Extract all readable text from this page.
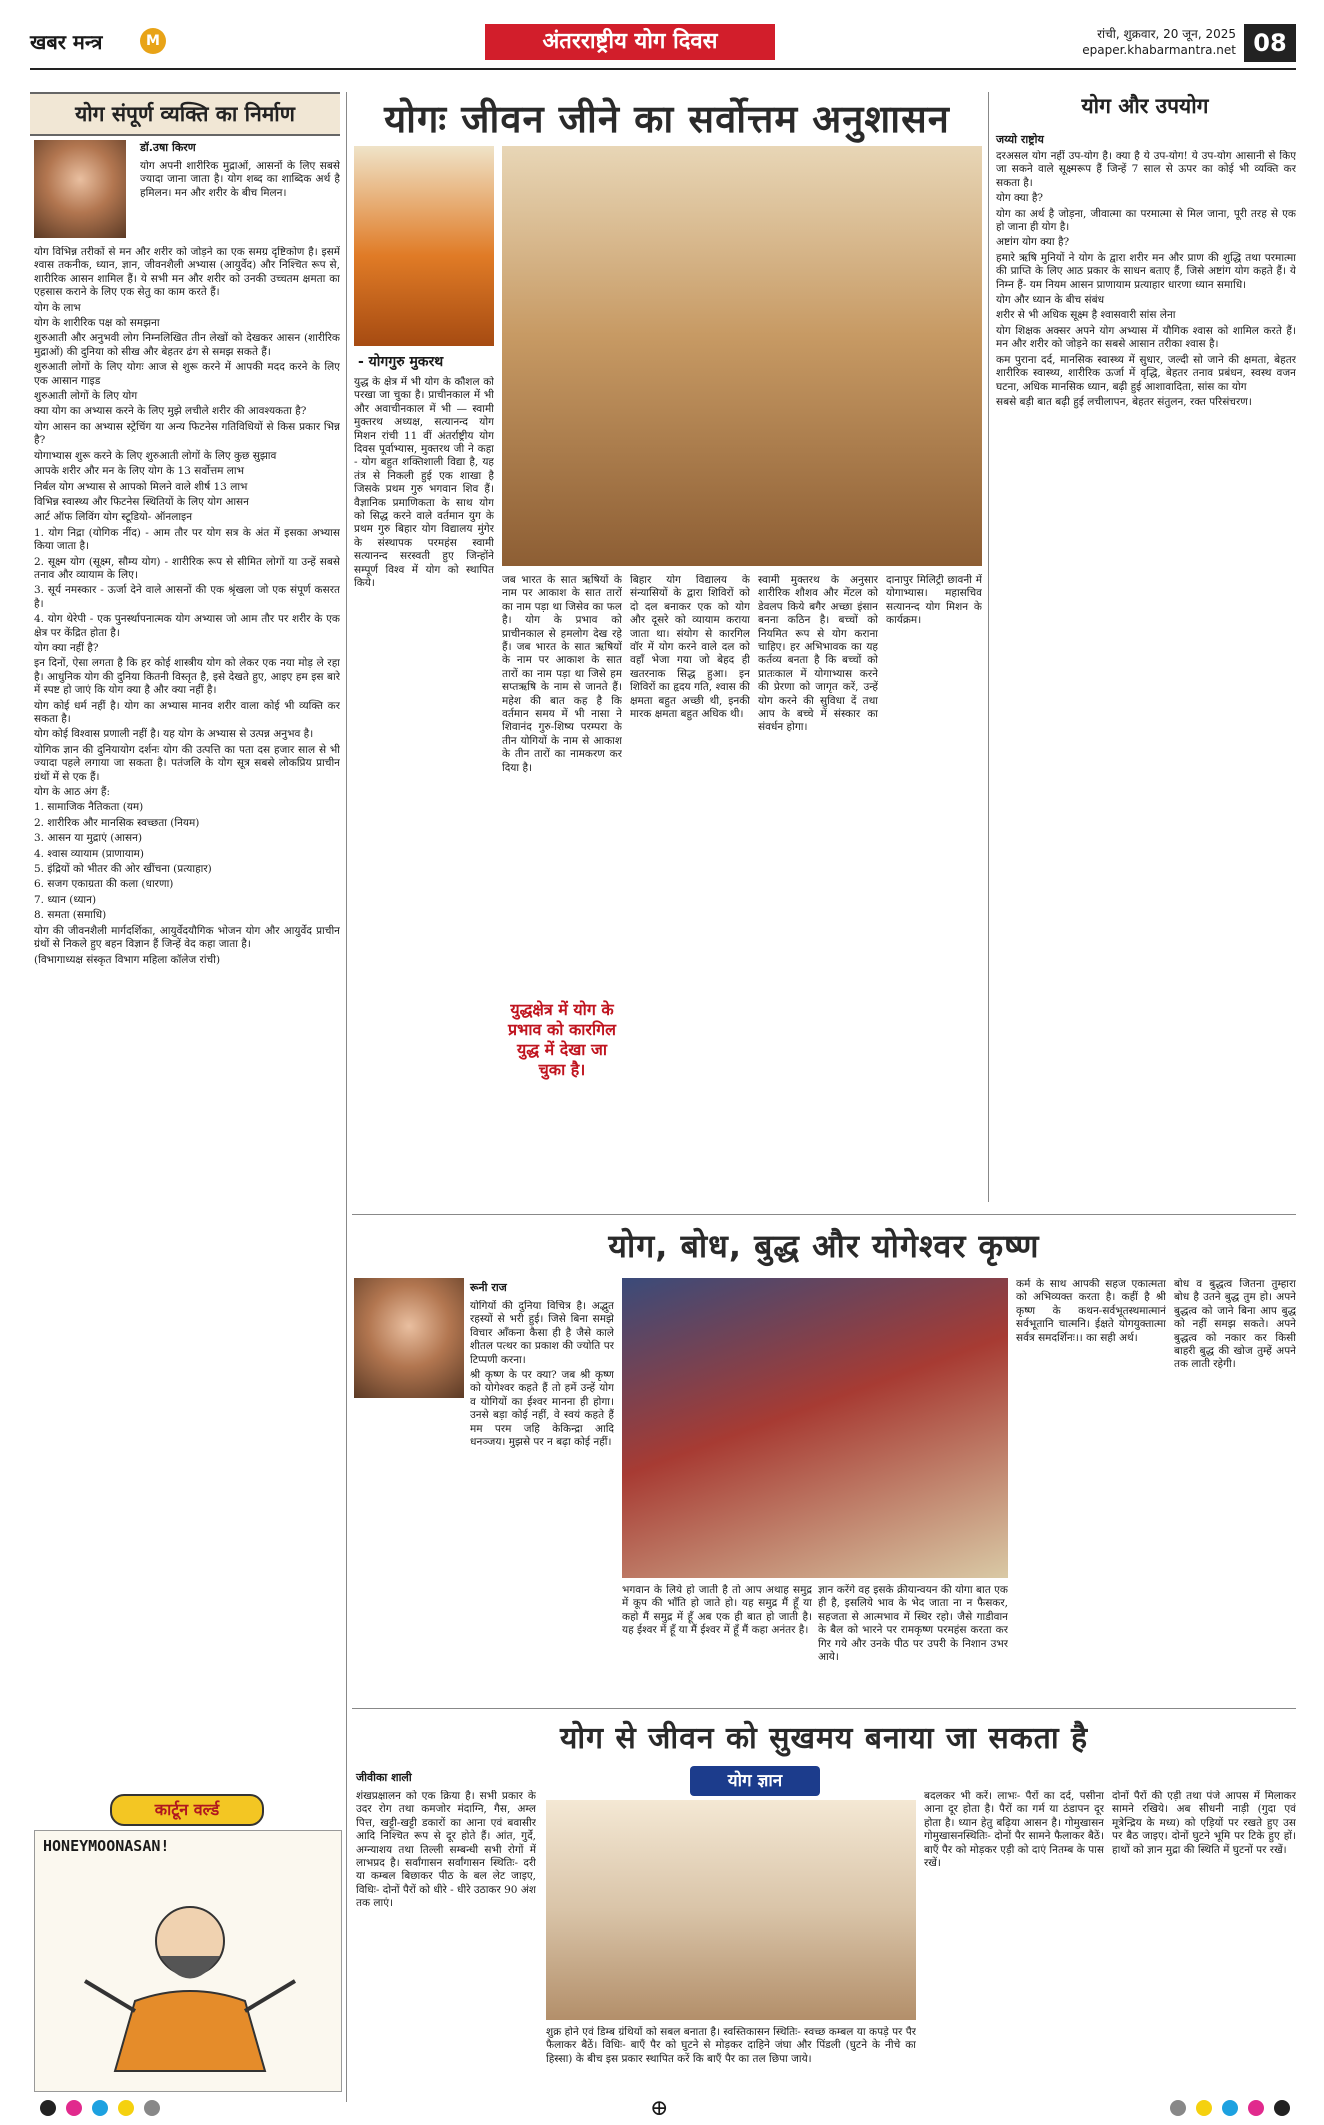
खबर मन्त्र	M	अंतरराष्ट्रीय योग दिवस	रांची, शुक्रवार, 20 जून, 2025
epaper.khabarmantra.net 08
योग संपूर्ण व्यक्ति का निर्माण
डॉ.उषा किरण

योग अपनी शारीरिक मुद्राओं, आसनों के लिए सबसे ज्यादा जाना जाता है। योग शब्द का शाब्दिक अर्थ है हमिलन। मन और शरीर के बीच मिलन।

योग विभिन्न तरीकों से मन और शरीर को जोड़ने का एक समग्र दृष्टिकोण है। इसमें श्वास तकनीक, ध्यान, ज्ञान, जीवनशैली अभ्यास (आयुर्वेद) और निश्चित रूप से, शारीरिक आसन शामिल हैं। ये सभी मन और शरीर को उनकी उच्चतम क्षमता का एहसास कराने के लिए एक सेतु का काम करते हैं।

योग के लाभ

योग के शारीरिक पक्ष को समझना

शुरुआती और अनुभवी लोग निम्नलिखित तीन लेखों को देखकर आसन (शारीरिक मुद्राओं) की दुनिया को सीख और बेहतर ढंग से समझ सकते हैं।

शुरुआती लोगों के लिए योगः आज से शुरू करने में आपकी मदद करने के लिए एक आसान गाइड

शुरुआती लोगों के लिए योग

क्या योग का अभ्यास करने के लिए मुझे लचीले शरीर की आवश्यकता है?

योग आसन का अभ्यास स्ट्रेचिंग या अन्य फिटनेस गतिविधियों से किस प्रकार भिन्न है?

योगाभ्यास शुरू करने के लिए शुरुआती लोगों के लिए कुछ सुझाव

आपके शरीर और मन के लिए योग के 13 सर्वोत्तम लाभ

निर्बल योग अभ्यास से आपको मिलने वाले शीर्ष 13 लाभ

विभिन्न स्वास्थ्य और फिटनेस स्थितियों के लिए योग आसन

आर्ट ऑफ लिविंग योग स्टूडियो- ऑनलाइन

1. योग निद्रा (योगिक नींद) - आम तौर पर योग सत्र के अंत में इसका अभ्यास किया जाता है।

2. सूक्ष्म योग (सूक्ष्म, सौम्य योग) - शारीरिक रूप से सीमित लोगों या उन्हें सबसे तनाव और व्यायाम के लिए।

3. सूर्य नमस्कार - ऊर्जा देने वाले आसनों की एक श्रृंखला जो एक संपूर्ण कसरत है।

4. योग थेरेपी - एक पुनर्स्थापनात्मक योग अभ्यास जो आम तौर पर शरीर के एक क्षेत्र पर केंद्रित होता है।

योग क्या नहीं है?

इन दिनों, ऐसा लगता है कि हर कोई शास्त्रीय योग को लेकर एक नया मोड़ ले रहा है। आधुनिक योग की दुनिया कितनी विस्तृत है, इसे देखते हुए, आइए हम इस बारे में स्पष्ट हो जाएं कि योग क्या है और क्या नहीं है।

योग कोई धर्म नहीं है। योग का अभ्यास मानव शरीर वाला कोई भी व्यक्ति कर सकता है।

योग कोई विश्वास प्रणाली नहीं है। यह योग के अभ्यास से उत्पन्न अनुभव है।

योगिक ज्ञान की दुनियायोग दर्शनः योग की उत्पत्ति का पता दस हजार साल से भी ज्यादा पहले लगाया जा सकता है। पतंजलि के योग सूत्र सबसे लोकप्रिय प्राचीन ग्रंथों में से एक हैं।

योग के आठ अंग हैं:

1. सामाजिक नैतिकता (यम)

2. शारीरिक और मानसिक स्वच्छता (नियम)

3. आसन या मुद्राएं (आसन)

4. श्वास व्यायाम (प्राणायाम)

5. इंद्रियों को भीतर की ओर खींचना (प्रत्याहार)

6. सजग एकाग्रता की कला (धारणा)

7. ध्यान (ध्यान)

8. समता (समाधि)

योग की जीवनशैली मार्गदर्शिका, आयुर्वेदयौगिक भोजन योग और आयुर्वेद प्राचीन ग्रंथों से निकले हुए बहन विज्ञान हैं जिन्हें वेद कहा जाता है।

(विभागाध्यक्ष संस्कृत विभाग महिला कॉलेज रांची)

कार्टून वर्ल्ड
HONEYMOONASAN!
योगः जीवन जीने का सर्वोत्तम अनुशासन
- योगगुरु मुकरथ

युद्ध के क्षेत्र में भी योग के कौशल को परखा जा चुका है। प्राचीनकाल में भी और अवाचीनकाल में भी — स्वामी मुक्तरथ अध्यक्ष, सत्यानन्द योग मिशन रांची 11 वीं अंतर्राष्ट्रीय योग दिवस पूर्वाभ्यास, मुक्तरथ जी ने कहा - योग बहुत शक्तिशाली विद्या है, यह तंत्र से निकली हुई एक शाखा है जिसके प्रथम गुरु भगवान शिव हैं। वैज्ञानिक प्रमाणिकता के साथ योग को सिद्ध करने वाले वर्तमान युग के प्रथम गुरु बिहार योग विद्यालय मुंगेर के संस्थापक परमहंस स्वामी सत्यानन्द सरस्वती हुए जिन्होंने सम्पूर्ण विश्व में योग को स्थापित किये।	जब भारत के सात ऋषियों के नाम पर आकाश के सात तारों का नाम पड़ा था जिसेव का फल है। योग के प्रभाव को प्राचीनकाल से हमलोग देख रहे हैं। जब भारत के सात ऋषियों के नाम पर आकाश के सात तारों का नाम पड़ा था जिसे हम सप्तऋषि के नाम से जानते हैं। महेश की बात कह है कि वर्तमान समय में भी नासा ने शिवानंद गुरु-शिष्य परम्परा के तीन योगियों के नाम से आकाश के तीन तारों का नामकरण कर दिया है।

बिहार योग विद्यालय के संन्यासियों के द्वारा शिविरों को दो दल बनाकर एक को योग और दूसरे को व्यायाम कराया जाता था। संयोग से कारगिल वॉर में योग करने वाले दल को वहाँ भेजा गया जो बेहद ही खतरनाक सिद्ध हुआ। इन शिविरों का हृदय गति, श्वास की क्षमता बहुत अच्छी थी, इनकी मारक क्षमता बहुत अधिक थी।

स्वामी मुक्तरथ के अनुसार शारीरिक शौशव और मेंटल को डेवलप किये बगैर अच्छा इंसान बनना कठिन है। बच्चों को नियमित रूप से योग कराना चाहिए। हर अभिभावक का यह कर्तव्य बनता है कि बच्चों को प्रातःकाल में योगाभ्यास करने की प्रेरणा को जागृत करें, उन्हें योग करने की सुविधा दें तथा आप के बच्चे में संस्कार का संवर्धन होगा।

दानापुर मिलिट्री छावनी में योगाभ्यास। महासचिव सत्यानन्द योग मिशन के कार्यक्रम।

युद्धक्षेत्र में योग के प्रभाव को कारगिल युद्ध में देखा जा चुका है।
योग और उपयोग
जय्यो राष्ट्रोय

दरअसल योग नहीं उप-योग है। क्या है ये उप-योग! ये उप-योग आसानी से किए जा सकने वाले सूक्ष्मरूप हैं जिन्हें 7 साल से ऊपर का कोई भी व्यक्ति कर सकता है।

योग क्या है?

योग का अर्थ है जोड़ना, जीवात्मा का परमात्मा से मिल जाना, पूरी तरह से एक हो जाना ही योग है।

अष्टांग योग क्या है?

हमारे ऋषि मुनियों ने योग के द्वारा शरीर मन और प्राण की शुद्धि तथा परमात्मा की प्राप्ति के लिए आठ प्रकार के साधन बताए हैं, जिसे अष्टांग योग कहते हैं। ये निम्न हैं- यम नियम आसन प्राणायाम प्रत्याहार धारणा ध्यान समाधि।

योग और ध्यान के बीच संबंध

शरीर से भी अधिक सूक्ष्म है श्वासवारी सांस लेना

योग शिक्षक अक्सर अपने योग अभ्यास में यौगिक श्वास को शामिल करते हैं। मन और शरीर को जोड़ने का सबसे आसान तरीका श्वास है।

कम पुराना दर्द, मानसिक स्वास्थ्य में सुधार, जल्दी सो जाने की क्षमता, बेहतर शारीरिक स्वास्थ्य, शारीरिक ऊर्जा में वृद्धि, बेहतर तनाव प्रबंधन, स्वस्थ वजन घटना, अधिक मानसिक ध्यान, बढ़ी हुई आशावादिता, सांस का योग

सबसे बड़ी बात बढ़ी हुई लचीलापन, बेहतर संतुलन, रक्त परिसंचरण।

योग, बोध, बुद्ध और योगेश्वर कृष्ण
रूनी राज

योगियों की दुनिया विचित्र है। अद्भुत रहस्यों से भरी हुई। जिसे बिना समझे विचार आँकना कैसा ही है जैसे काले शीतल पत्थर का प्रकाश की ज्योति पर टिप्पणी करना।

श्री कृष्ण के पर क्या? जब श्री कृष्ण को योगेश्वर कहते हैं तो हमें उन्हें योग व योगियों का ईश्वर मानना ही होगा। उनसे बड़ा कोई नहीं, वे स्वयं कहते हैं मम परम जहि केकिन्द्रा आदि धनञ्जय। मुझसे पर न बढ़ा कोई नहीं।

भगवान के लिये हो जाती है तो आप अथाह समुद्र में कूप की भाँति हो जाते हो। यह समुद्र मैं हूँ या कहो मैं समुद्र में हूँ अब एक ही बात हो जाती है। यह ईश्वर में हूँ या मैं ईश्वर में हूँ मैं कहा अनंतर है।

ज्ञान करेंगे वह इसके क्रीयान्वयन की योगा बात एक ही है, इसलिये भाव के भेद जाता ना न फैसकर, सहजता से आत्मभाव में स्थिर रहो। जैसे गाडीवान के बैल को भारने पर रामकृष्ण परमहंस करता कर गिर गये और उनके पीठ पर उपरी के निशान उभर आये।

कर्म के साथ आपकी सहज एकात्मता को अभिव्यक्त करता है। कहीं है श्री कृष्ण के कथन-सर्वभूतस्थमात्मानं सर्वभूतानि चात्मनि। ईक्षते योगयुक्तात्मा सर्वत्र समदर्शिनः।। का सही अर्थ।

बोध व बुद्धत्व जितना तुम्हारा बोध है उतने बुद्ध तुम हो। अपने बुद्धत्व को जाने बिना आप बुद्ध को नहीं समझ सकते। अपने बुद्धत्व को नकार कर किसी बाहरी बुद्ध की खोज तुम्हें अपने तक लाती रहेगी।

योग से जीवन को सुखमय बनाया जा सकता है
जीवीका शाली	योग ज्ञान

शंखप्रक्षालन को एक क्रिया है। सभी प्रकार के उदर रोग तथा कमजोर मंदाग्नि, गैस, अम्ल पित्त, खट्टी-खट्टी डकारों का आना एवं बवासीर आदि निश्चित रूप से दूर होते हैं। आंत, गुर्दे, अग्न्याशय तथा तिल्ली सम्बन्धी सभी रोगों में लाभप्रद है। सर्वांगासन सर्वांगासन स्थितिः- दरी या कम्बल बिछाकर पीठ के बल लेट जाइए, विधिः- दोनों पैरों को धीरे - धीरे उठाकर 90 अंश तक लाएं।

शुक्र होने एवं डिम्ब ग्रंथियों को सबल बनाता है। स्वस्तिकासन स्थितिः- स्वच्छ कम्बल या कपड़े पर पैर फैलाकर बैठें। विधिः- बाएँ पैर को घुटने से मोड़कर दाहिने जंघा और पिंडली (घुटने के नीचे का हिस्सा) के बीच इस प्रकार स्थापित करें कि बाएँ पैर का तल छिपा जाये।

बदलकर भी करें। लाभः- पैरों का दर्द, पसीना आना दूर होता है। पैरों का गर्म या ठंडापन दूर होता है। ध्यान हेतु बढ़िया आसन है। गोमुखासन गोमुखासनस्थितिः- दोनों पैर सामने फैलाकर बैठें। बाएँ पैर को मोड़कर एड़ी को दाएं नितम्ब के पास रखें।

दोनों पैरों की एड़ी तथा पंजे आपस में मिलाकर सामने रखिये। अब सीधनी नाड़ी (गुदा एवं मूत्रेन्द्रिय के मध्य) को एड़ियों पर रखते हुए उस पर बैठ जाइए। दोनों घुटने भूमि पर टिके हुए हों। हाथों को ज्ञान मुद्रा की स्थिति में घुटनों पर रखें।

⊕
